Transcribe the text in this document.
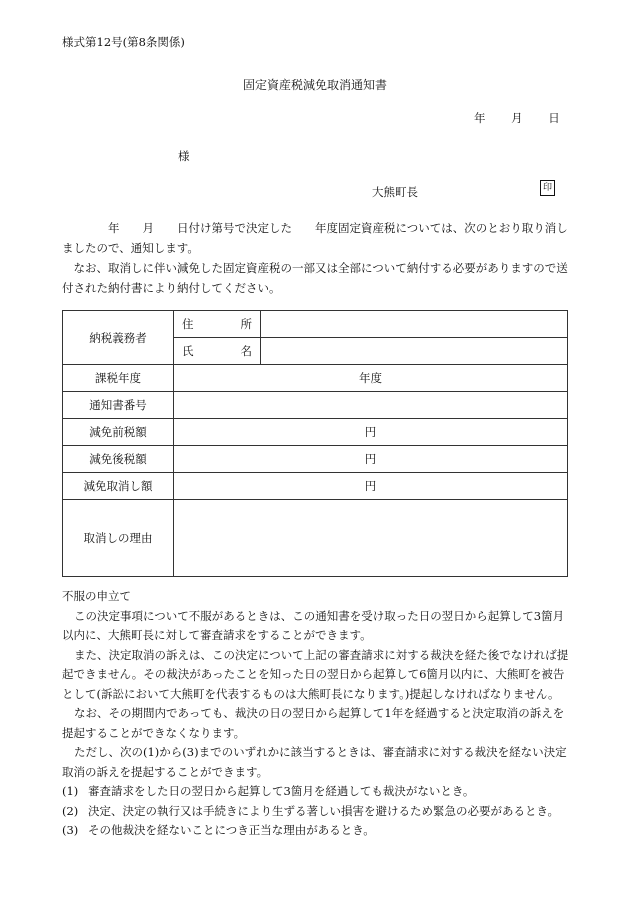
様式第12号(第8条関係)
固定資産税減免取消通知書
年 月 日
様
大熊町長	印

　　　　年　　月　　日付け第号で決定した　　年度固定資産税については、次のとおり取り消しましたので、通知します。

　なお、取消しに伴い減免した固定資産税の一部又は全部について納付する必要がありますので送付された納付書により納付してください。

納税義務者	住　所	
	氏　名	
課税年度	年度	
通知書番号		
減免前税額	円	
減免後税額	円	
減免取消し額	円	
取消しの理由		

不服の申立て

この決定事項について不服があるときは、この通知書を受け取った日の翌日から起算して3箇月以内に、大熊町長に対して審査請求をすることができます。

また、決定取消の訴えは、この決定について上記の審査請求に対する裁決を経た後でなければ提起できません。その裁決があったことを知った日の翌日から起算して6箇月以内に、大熊町を被告として(訴訟において大熊町を代表するものは大熊町長になります。)提起しなければなりません。

なお、その期間内であっても、裁決の日の翌日から起算して1年を経過すると決定取消の訴えを提起することができなくなります。

ただし、次の(1)から(3)までのいずれかに該当するときは、審査請求に対する裁決を経ない決定取消の訴えを提起することができます。

(1) 審査請求をした日の翌日から起算して3箇月を経過しても裁決がないとき。
(2) 決定、決定の執行又は手続きにより生ずる著しい損害を避けるため緊急の必要があるとき。
(3) その他裁決を経ないことにつき正当な理由があるとき。
